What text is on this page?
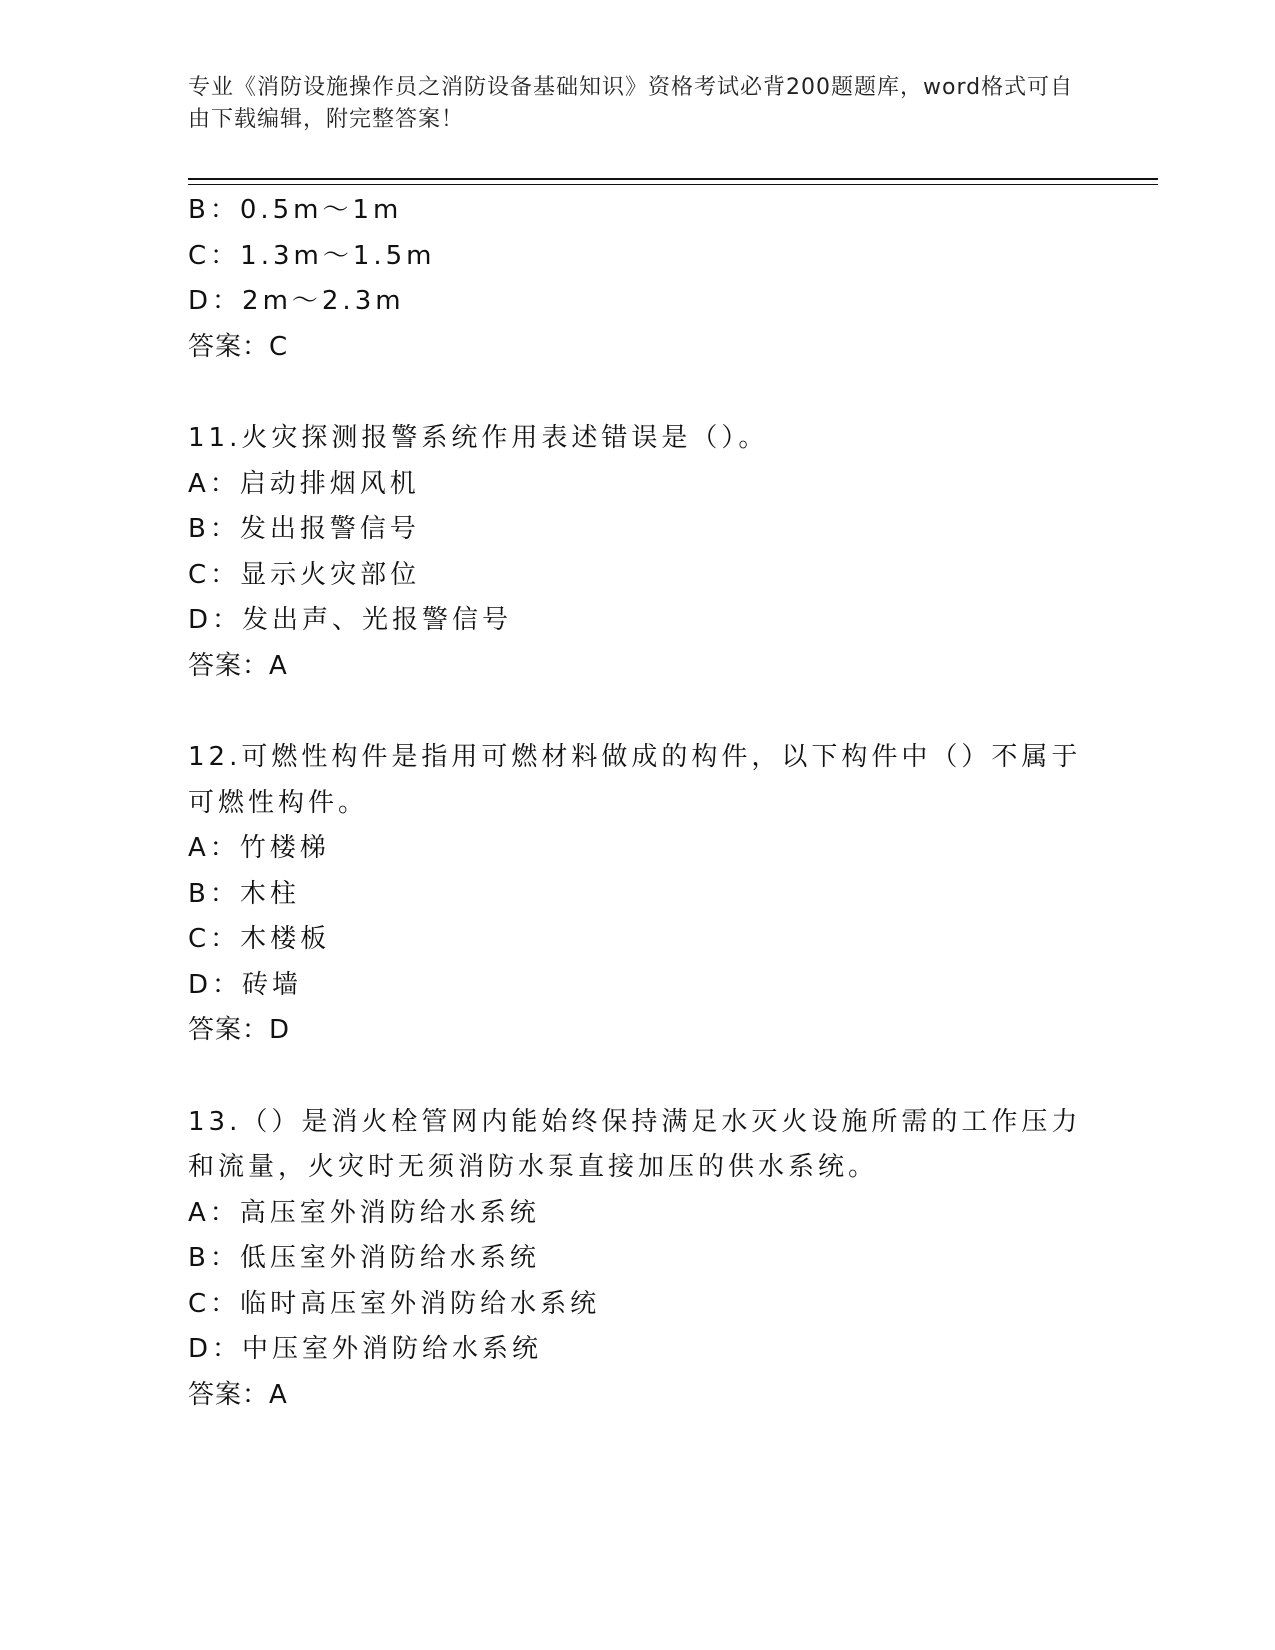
专业《消防设施操作员之消防设备基础知识》资格考试必背200题题库，word格式可自由下载编辑，附完整答案！
B：0.5m～1m
C：1.3m～1.5m
D：2m～2.3m
答案：C
11.火灾探测报警系统作用表述错误是（）。
A：启动排烟风机
B：发出报警信号
C：显示火灾部位
D：发出声、光报警信号
答案：A
12.可燃性构件是指用可燃材料做成的构件，以下构件中（）不属于可燃性构件。
A：竹楼梯
B：木柱
C：木楼板
D：砖墙
答案：D
13.（）是消火栓管网内能始终保持满足水灭火设施所需的工作压力和流量，火灾时无须消防水泵直接加压的供水系统。
A：高压室外消防给水系统
B：低压室外消防给水系统
C：临时高压室外消防给水系统
D：中压室外消防给水系统
答案：A
